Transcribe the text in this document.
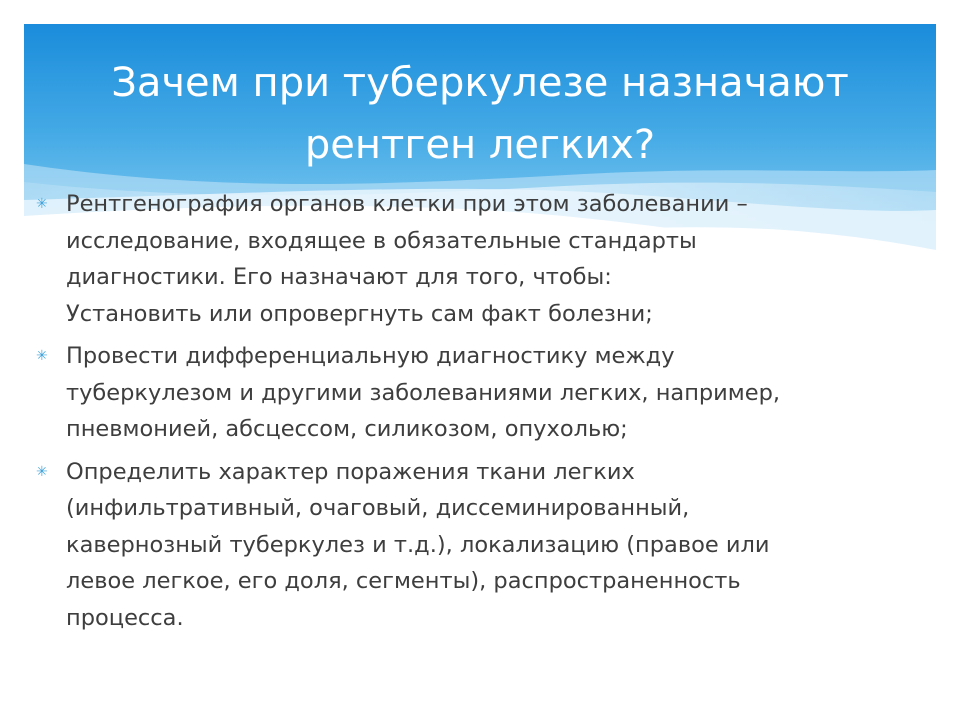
Зачем при туберкулезе назначают
рентген легких?
✳ Рентгенография органов клетки при этом заболевании –
исследование, входящее в обязательные стандарты
диагностики. Его назначают для того, чтобы:
Установить или опровергнуть сам факт болезни;
✳ Провести дифференциальную диагностику между
туберкулезом и другими заболеваниями легких, например,
пневмонией, абсцессом, силикозом, опухолью;
✳ Определить характер поражения ткани легких
(инфильтративный, очаговый, диссеминированный,
кавернозный туберкулез и т.д.), локализацию (правое или
левое легкое, его доля, сегменты), распространенность
процесса.
